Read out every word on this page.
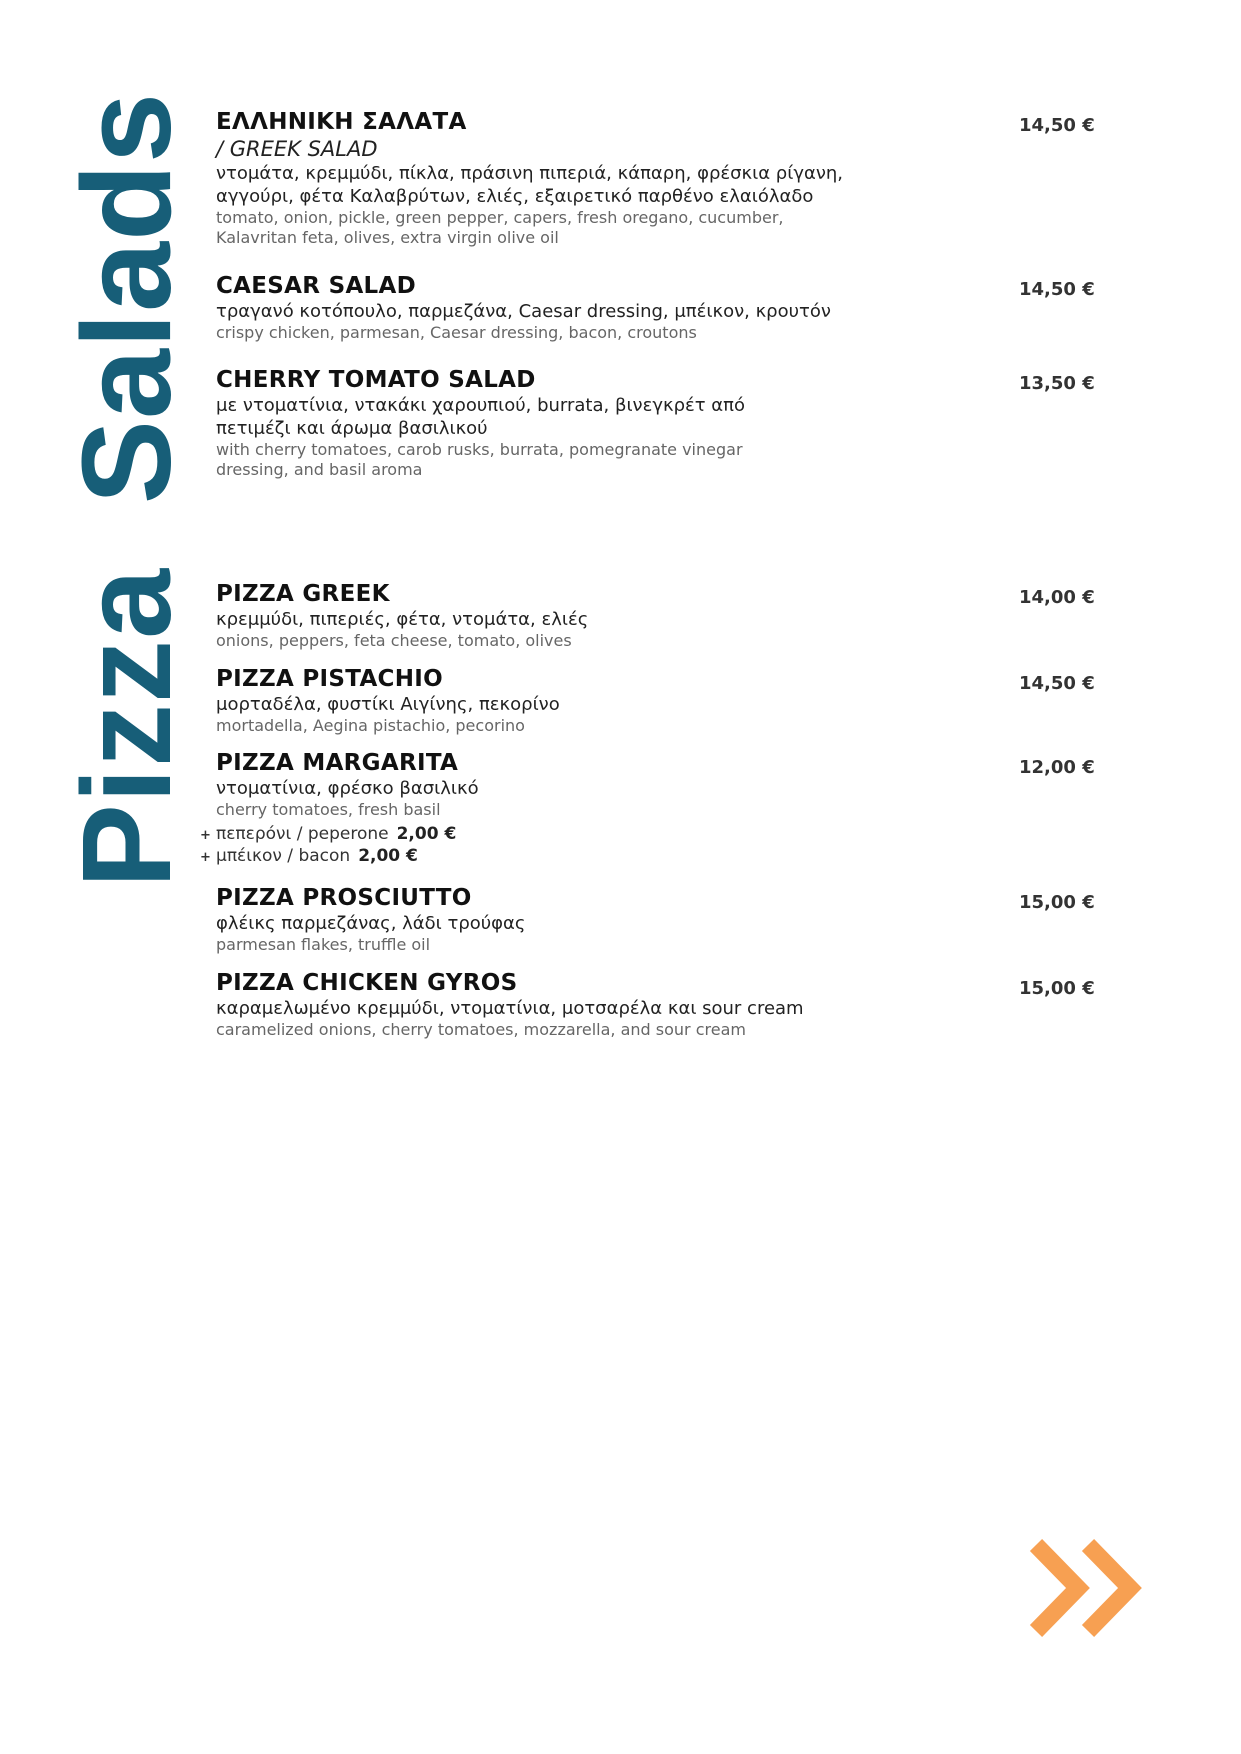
Salads
Pizza
ΕΛΛΗΝΙΚΗ ΣΑΛΑΤΑ
/ GREEK SALAD
ντομάτα, κρεμμύδι, πίκλα, πράσινη πιπεριά, κάπαρη, φρέσκια ρίγανη,
αγγούρι, φέτα Καλαβρύτων, ελιές, εξαιρετικό παρθένο ελαιόλαδο
tomato, onion, pickle, green pepper, capers, fresh oregano, cucumber,
Kalavritan feta, olives, extra virgin olive oil
14,50 €
CAESAR SALAD
τραγανό κοτόπουλο, παρμεζάνα, Caesar dressing, μπέικον, κρουτόν
crispy chicken, parmesan, Caesar dressing, bacon, croutons
14,50 €
CHERRY TOMATO SALAD
με ντοματίνια, ντακάκι χαρουπιού, burrata, βινεγκρέτ από
πετιμέζι και άρωμα βασιλικού
with cherry tomatoes, carob rusks, burrata, pomegranate vinegar
dressing, and basil aroma
13,50 €
PIZZA GREEK
κρεμμύδι, πιπεριές, φέτα, ντομάτα, ελιές
onions, peppers, feta cheese, tomato, olives
14,00 €
PIZZA PISTACHIO
μορταδέλα, φυστίκι Αιγίνης, πεκορίνο
mortadella, Aegina pistachio, pecorino
14,50 €
PIZZA MARGARITA
ντοματίνια, φρέσκο βασιλικό
cherry tomatoes, fresh basil
12,00 €
+ πεπερόνι / peperone 2,00 €
+ μπέικον / bacon 2,00 €
PIZZA PROSCIUTTO
φλέικς παρμεζάνας, λάδι τρούφας
parmesan flakes, truffle oil
15,00 €
PIZZA CHICKEN GYROS
καραμελωμένο κρεμμύδι, ντοματίνια, μοτσαρέλα και sour cream
caramelized onions, cherry tomatoes, mozzarella, and sour cream
15,00 €
